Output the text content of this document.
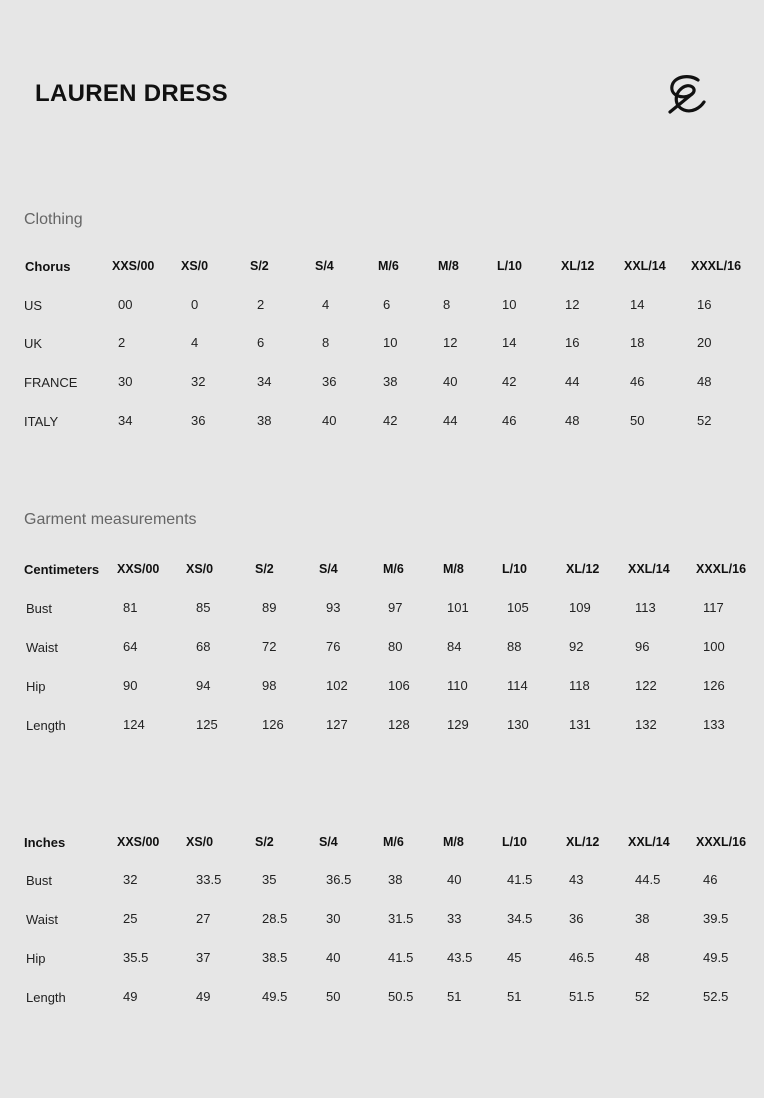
LAUREN DRESS
Clothing
Garment measurements
Chorus	XXS/00 XS/0	S/2	S/4	M/6	M/8	L/10	XL/12 XXL/14 XXXL/16
US	00	0	2	4	6	8	10	12	14	16
UK	2	4	6	8	10	12	14	16	18	20
FRANCE	30	32	34	36	38	40	42	44	46	48
ITALY	34	36	38	40	42	44	46	48	50	52
Centimeters XXS/00 XS/0	S/2	S/4	M/6	M/8	L/10	XL/12 XXL/14 XXXL/16
Bust	81	85	89	93	97	101	105	109	113	117
Waist	64	68	72	76	80	84	88	92	96	100
Hip	90	94	98	102	106	110	114	118	122	126
Length	124	125	126	127	128	129	130	131	132	133
Inches	XXS/00 XS/0	S/2	S/4	M/6	M/8	L/10	XL/12 XXL/14 XXXL/16
Bust	32	33.5	35	36.5	38	40	41.5	43	44.5	46
Waist	25	27	28.5	30	31.5	33	34.5	36	38	39.5
Hip	35.5	37	38.5	40	41.5	43.5	45	46.5	48	49.5
Length	49	49	49.5	50	50.5	51	51	51.5	52	52.5
